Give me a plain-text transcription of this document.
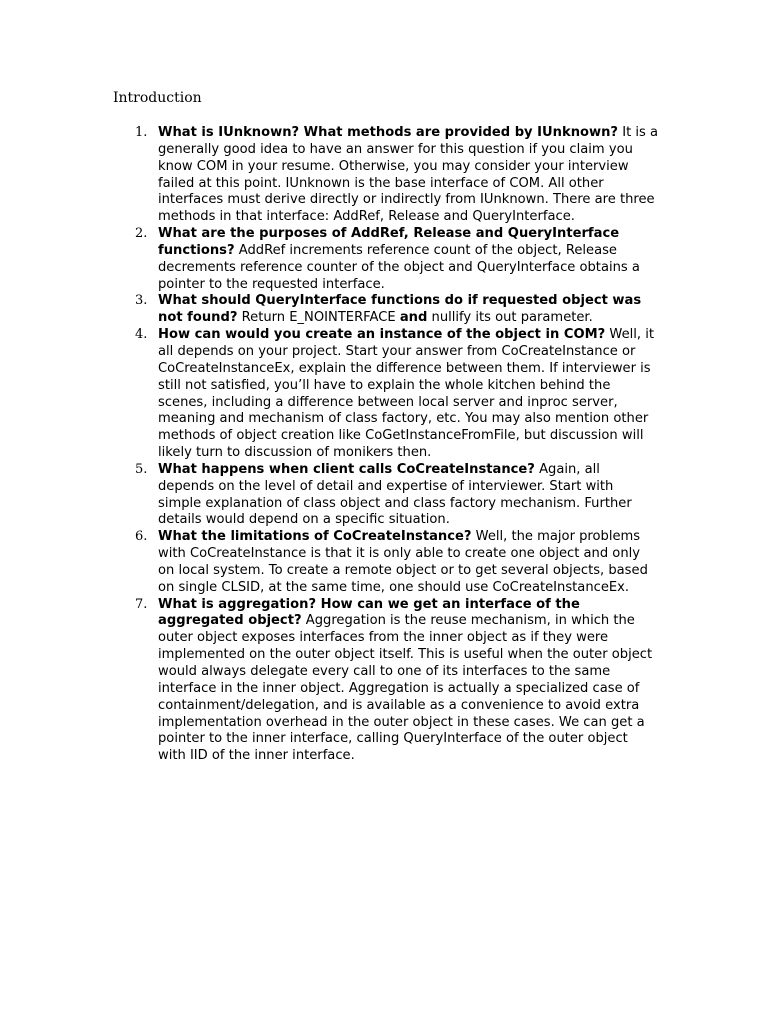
Introduction
1. What is IUnknown? What methods are provided by IUnknown? It is a generally good idea to have an answer for this question if you claim you know COM in your resume. Otherwise, you may consider your interview failed at this point. IUnknown is the base interface of COM. All other interfaces must derive directly or indirectly from IUnknown. There are three methods in that interface: AddRef, Release and QueryInterface.
2. What are the purposes of AddRef, Release and QueryInterface functions? AddRef increments reference count of the object, Release decrements reference counter of the object and QueryInterface obtains a pointer to the requested interface.
3. What should QueryInterface functions do if requested object was not found? Return E_NOINTERFACE and nullify its out parameter.
4. How can would you create an instance of the object in COM? Well, it all depends on your project. Start your answer from CoCreateInstance or CoCreateInstanceEx, explain the difference between them. If interviewer is still not satisfied, you’ll have to explain the whole kitchen behind the scenes, including a difference between local server and inproc server, meaning and mechanism of class factory, etc. You may also mention other methods of object creation like CoGetInstanceFromFile, but discussion will likely turn to discussion of monikers then.
5. What happens when client calls CoCreateInstance? Again, all depends on the level of detail and expertise of interviewer. Start with simple explanation of class object and class factory mechanism. Further details would depend on a specific situation.
6. What the limitations of CoCreateInstance? Well, the major problems with CoCreateInstance is that it is only able to create one object and only on local system. To create a remote object or to get several objects, based on single CLSID, at the same time, one should use CoCreateInstanceEx.
7. What is aggregation? How can we get an interface of the aggregated object? Aggregation is the reuse mechanism, in which the outer object exposes interfaces from the inner object as if they were implemented on the outer object itself. This is useful when the outer object would always delegate every call to one of its interfaces to the same interface in the inner object. Aggregation is actually a specialized case of containment/delegation, and is available as a convenience to avoid extra implementation overhead in the outer object in these cases. We can get a pointer to the inner interface, calling QueryInterface of the outer object with IID of the inner interface.
